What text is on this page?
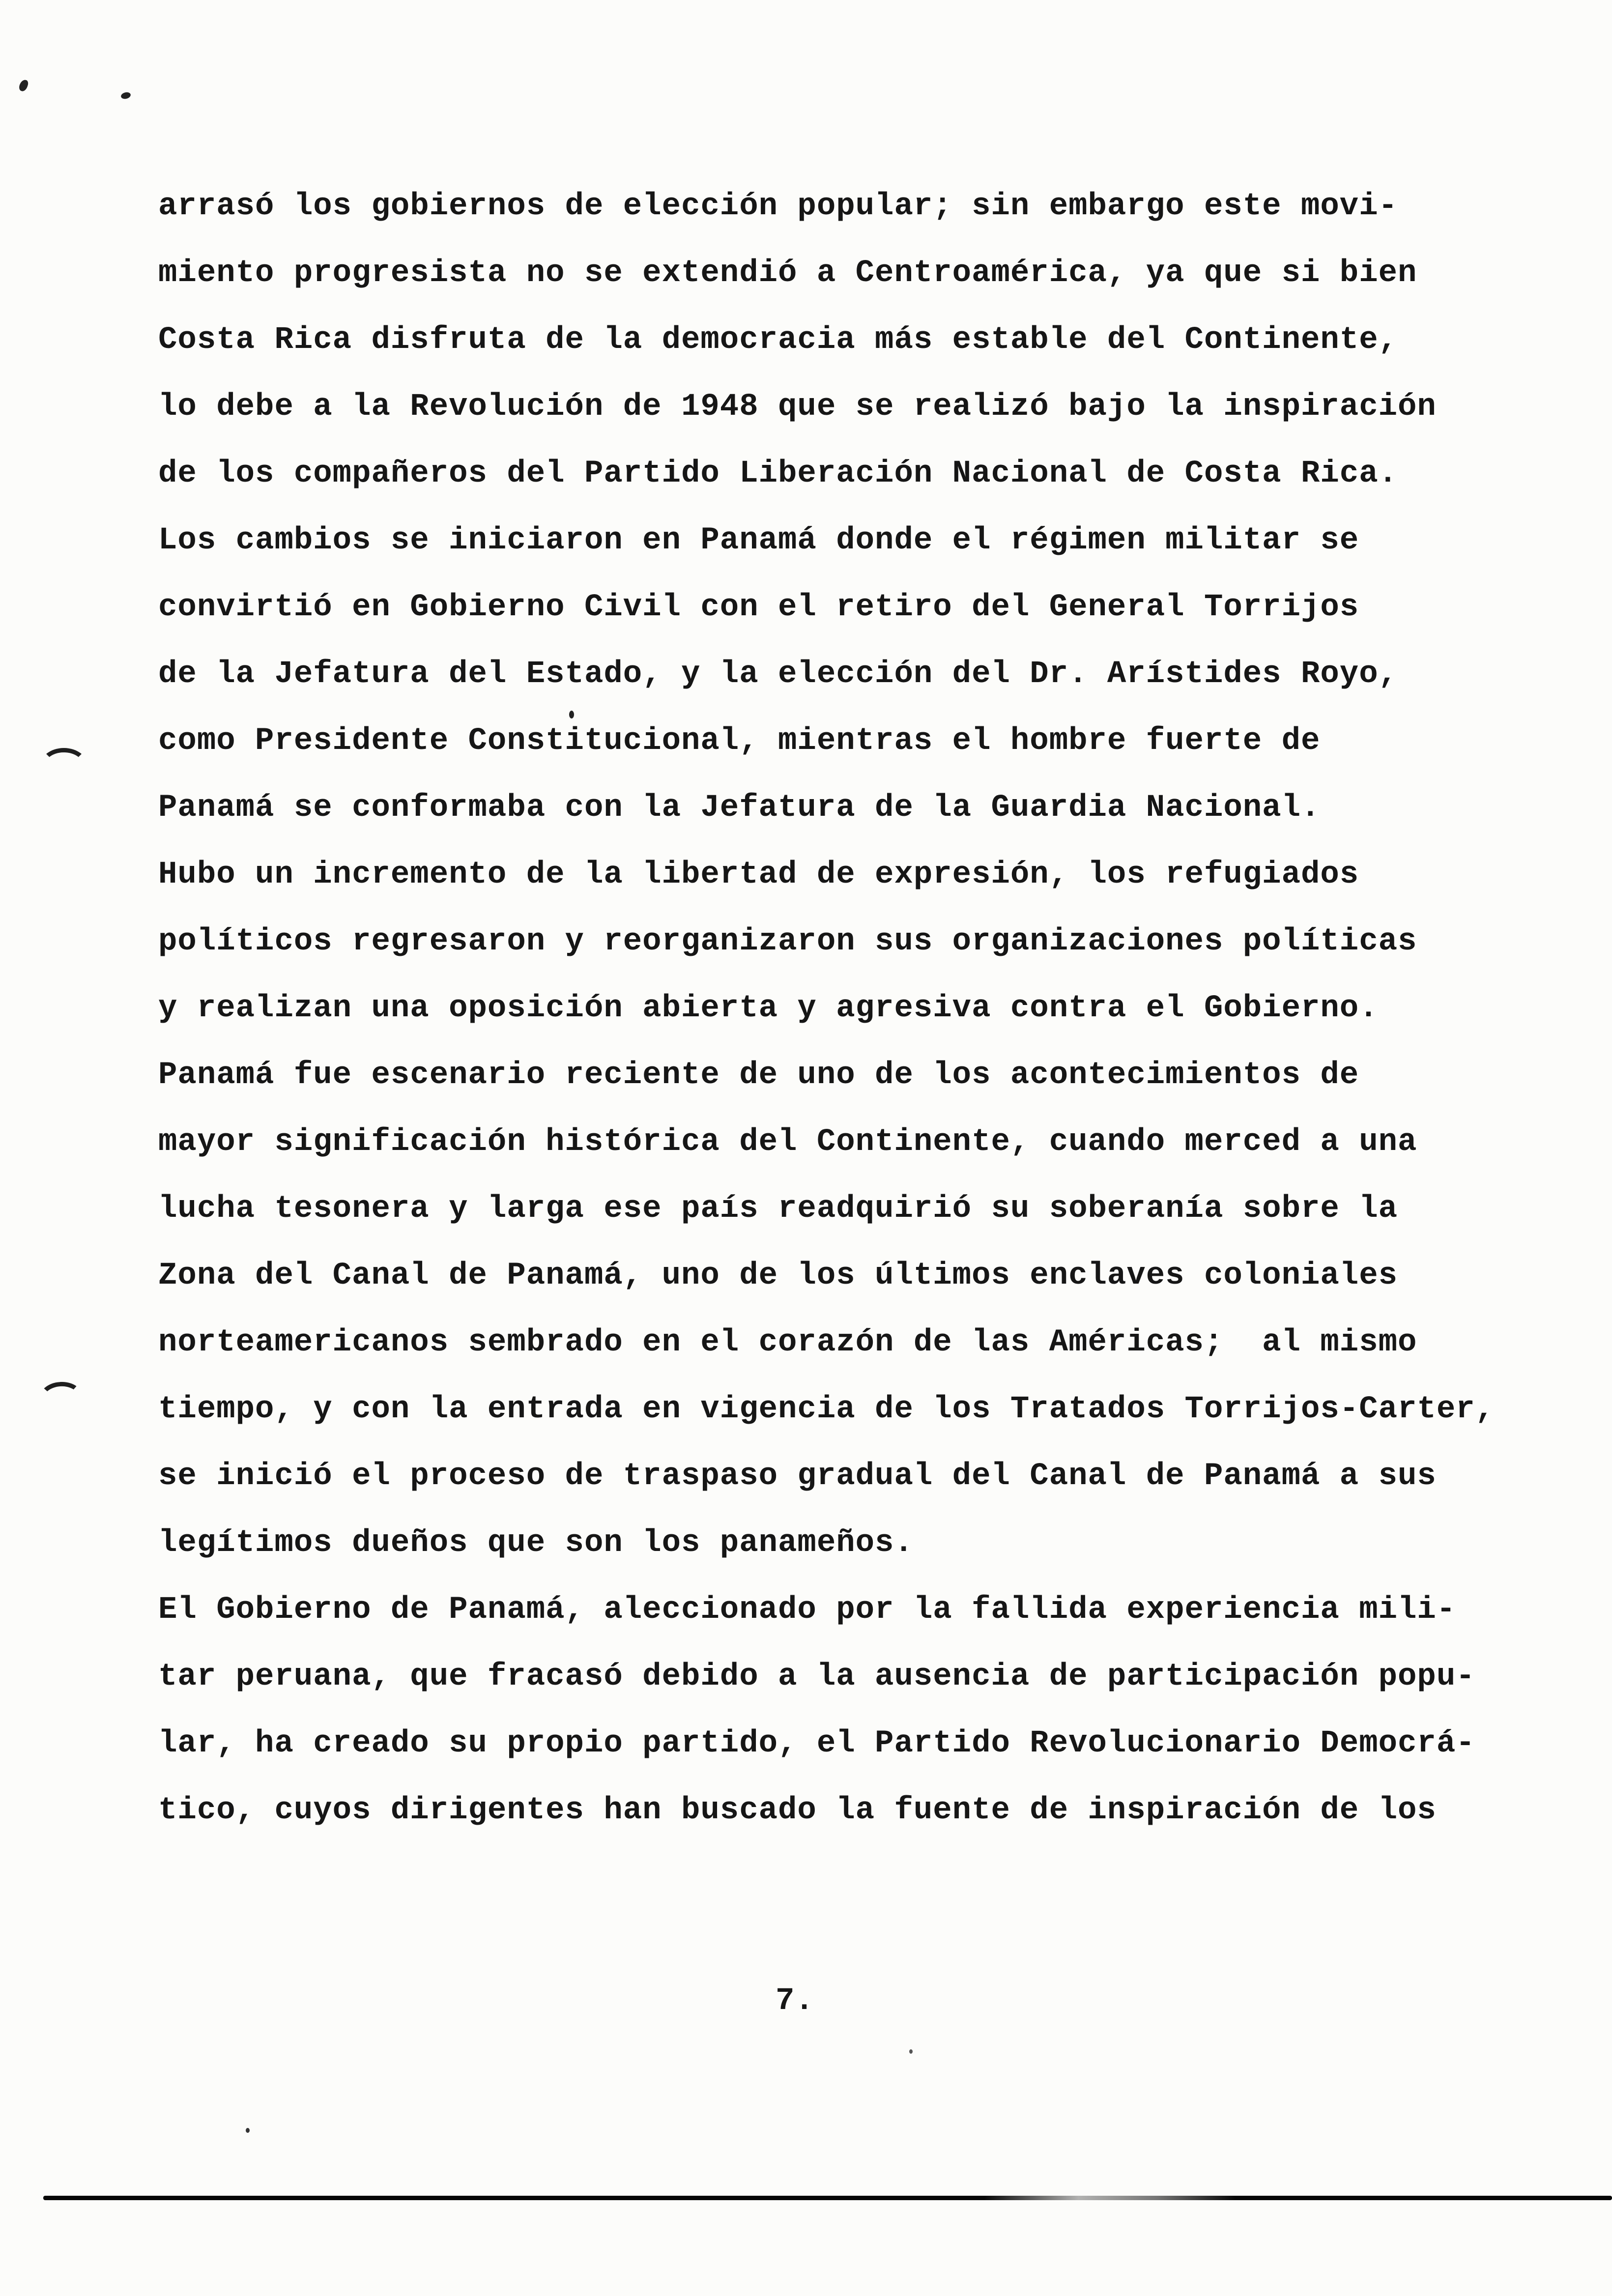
arrasó los gobiernos de elección popular; sin embargo este movi-
miento progresista no se extendió a Centroamérica, ya que si bien
Costa Rica disfruta de la democracia más estable del Continente,
lo debe a la Revolución de 1948 que se realizó bajo la inspiración
de los compañeros del Partido Liberación Nacional de Costa Rica.
Los cambios se iniciaron en Panamá donde el régimen militar se
convirtió en Gobierno Civil con el retiro del General Torrijos
de la Jefatura del Estado, y la elección del Dr. Arístides Royo,
como Presidente Constitucional, mientras el hombre fuerte de
Panamá se conformaba con la Jefatura de la Guardia Nacional.
Hubo un incremento de la libertad de expresión, los refugiados
políticos regresaron y reorganizaron sus organizaciones políticas
y realizan una oposición abierta y agresiva contra el Gobierno.
Panamá fue escenario reciente de uno de los acontecimientos de
mayor significación histórica del Continente, cuando merced a una
lucha tesonera y larga ese país readquirió su soberanía sobre la
Zona del Canal de Panamá, uno de los últimos enclaves coloniales
norteamericanos sembrado en el corazón de las Américas;  al mismo
tiempo, y con la entrada en vigencia de los Tratados Torrijos-Carter,
se inició el proceso de traspaso gradual del Canal de Panamá a sus
legítimos dueños que son los panameños.
El Gobierno de Panamá, aleccionado por la fallida experiencia mili-
tar peruana, que fracasó debido a la ausencia de participación popu-
lar, ha creado su propio partido, el Partido Revolucionario Democrá-
tico, cuyos dirigentes han buscado la fuente de inspiración de los
7.
